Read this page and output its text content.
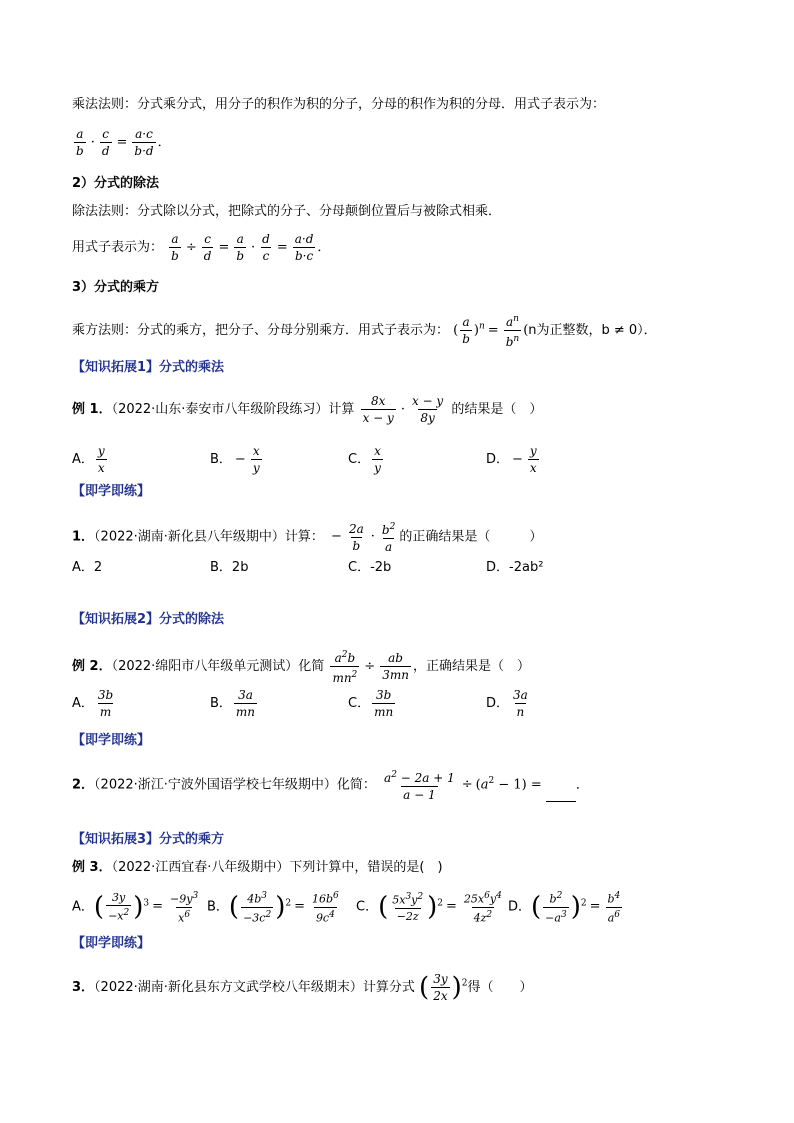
乘法法则：分式乘分式，用分子的积作为积的分子，分母的积作为积的分母．用式子表示为：
$\frac{a}{b} \cdot \frac{c}{d} = \frac{a\cdot c}{b\cdot d}$ ．
2）分式的除法
除法法则：分式除以分式，把除式的分子、分母颠倒位置后与被除式相乘．
用式子表示为： $\frac{a}{b} \div \frac{c}{d} = \frac{a}{b} \cdot \frac{d}{c} = \frac{a\cdot d}{b\cdot c}$ ．
3）分式的乘方
乘方法则：分式的乘方，把分子、分母分别乘方．用式子表示为： ( $\frac{a}{b} )^n = \frac{a^n}{b^n} (n$为正整数，b ≠ 0）．
【知识拓展1】分式的乘法
例 1．（2022·山东·泰安市八年级阶段练习）计算 $\frac{8x}{x - y} \cdot \frac{x - y}{8y}$ 的结果是（　）
A． $\frac{y}{x}$	B． − $\frac{x}{y}$	C． $\frac{x}{y}$	D． − $\frac{y}{x}$
【即学即练】
1．（2022·湖南·新化县八年级期中）计算： − $\frac{2a}{b} \cdot \frac{b^2}{a}$ 的正确结果是（　　　）
A．2	B．2b	C．-2b	D．-2ab²
【知识拓展2】分式的除法
例 2．（2022·绵阳市八年级单元测试）化简 $\frac{a^2b}{mn^2} \div \frac{ab}{3mn}$ ，正确结果是（　）
A． $\frac{3b}{m}$	B． $\frac{3a}{mn}$	C． $\frac{3b}{mn}$	D． $\frac{3a}{n}$
【即学即练】
2．（2022·浙江·宁波外国语学校七年级期中）化简： $\frac{a^2 - 2a + 1}{a - 1} \div (a^2 - 1)$ = ．
【知识拓展3】分式的乘方
例 3．（2022·江西宜春·八年级期中）下列计算中，错误的是(　)
A．( $\frac{3y}{-x^2} )^3 = \frac{-9y^3}{x^6}$ B．( $\frac{4b^3}{-3c^2} )^2 = \frac{16b^6}{9c^4}$ C．( $\frac{5x^3y^2}{-2z} )^2 = \frac{25x^6y^4}{4z^2}$ D．( $\frac{b^2}{-a^3} )^2 = \frac{b^4}{a^6}$
【即学即练】
3．（2022·湖南·新化县东方文武学校八年级期末）计算分式 ( $\frac{3y}{2x} )^2$得（　　）
